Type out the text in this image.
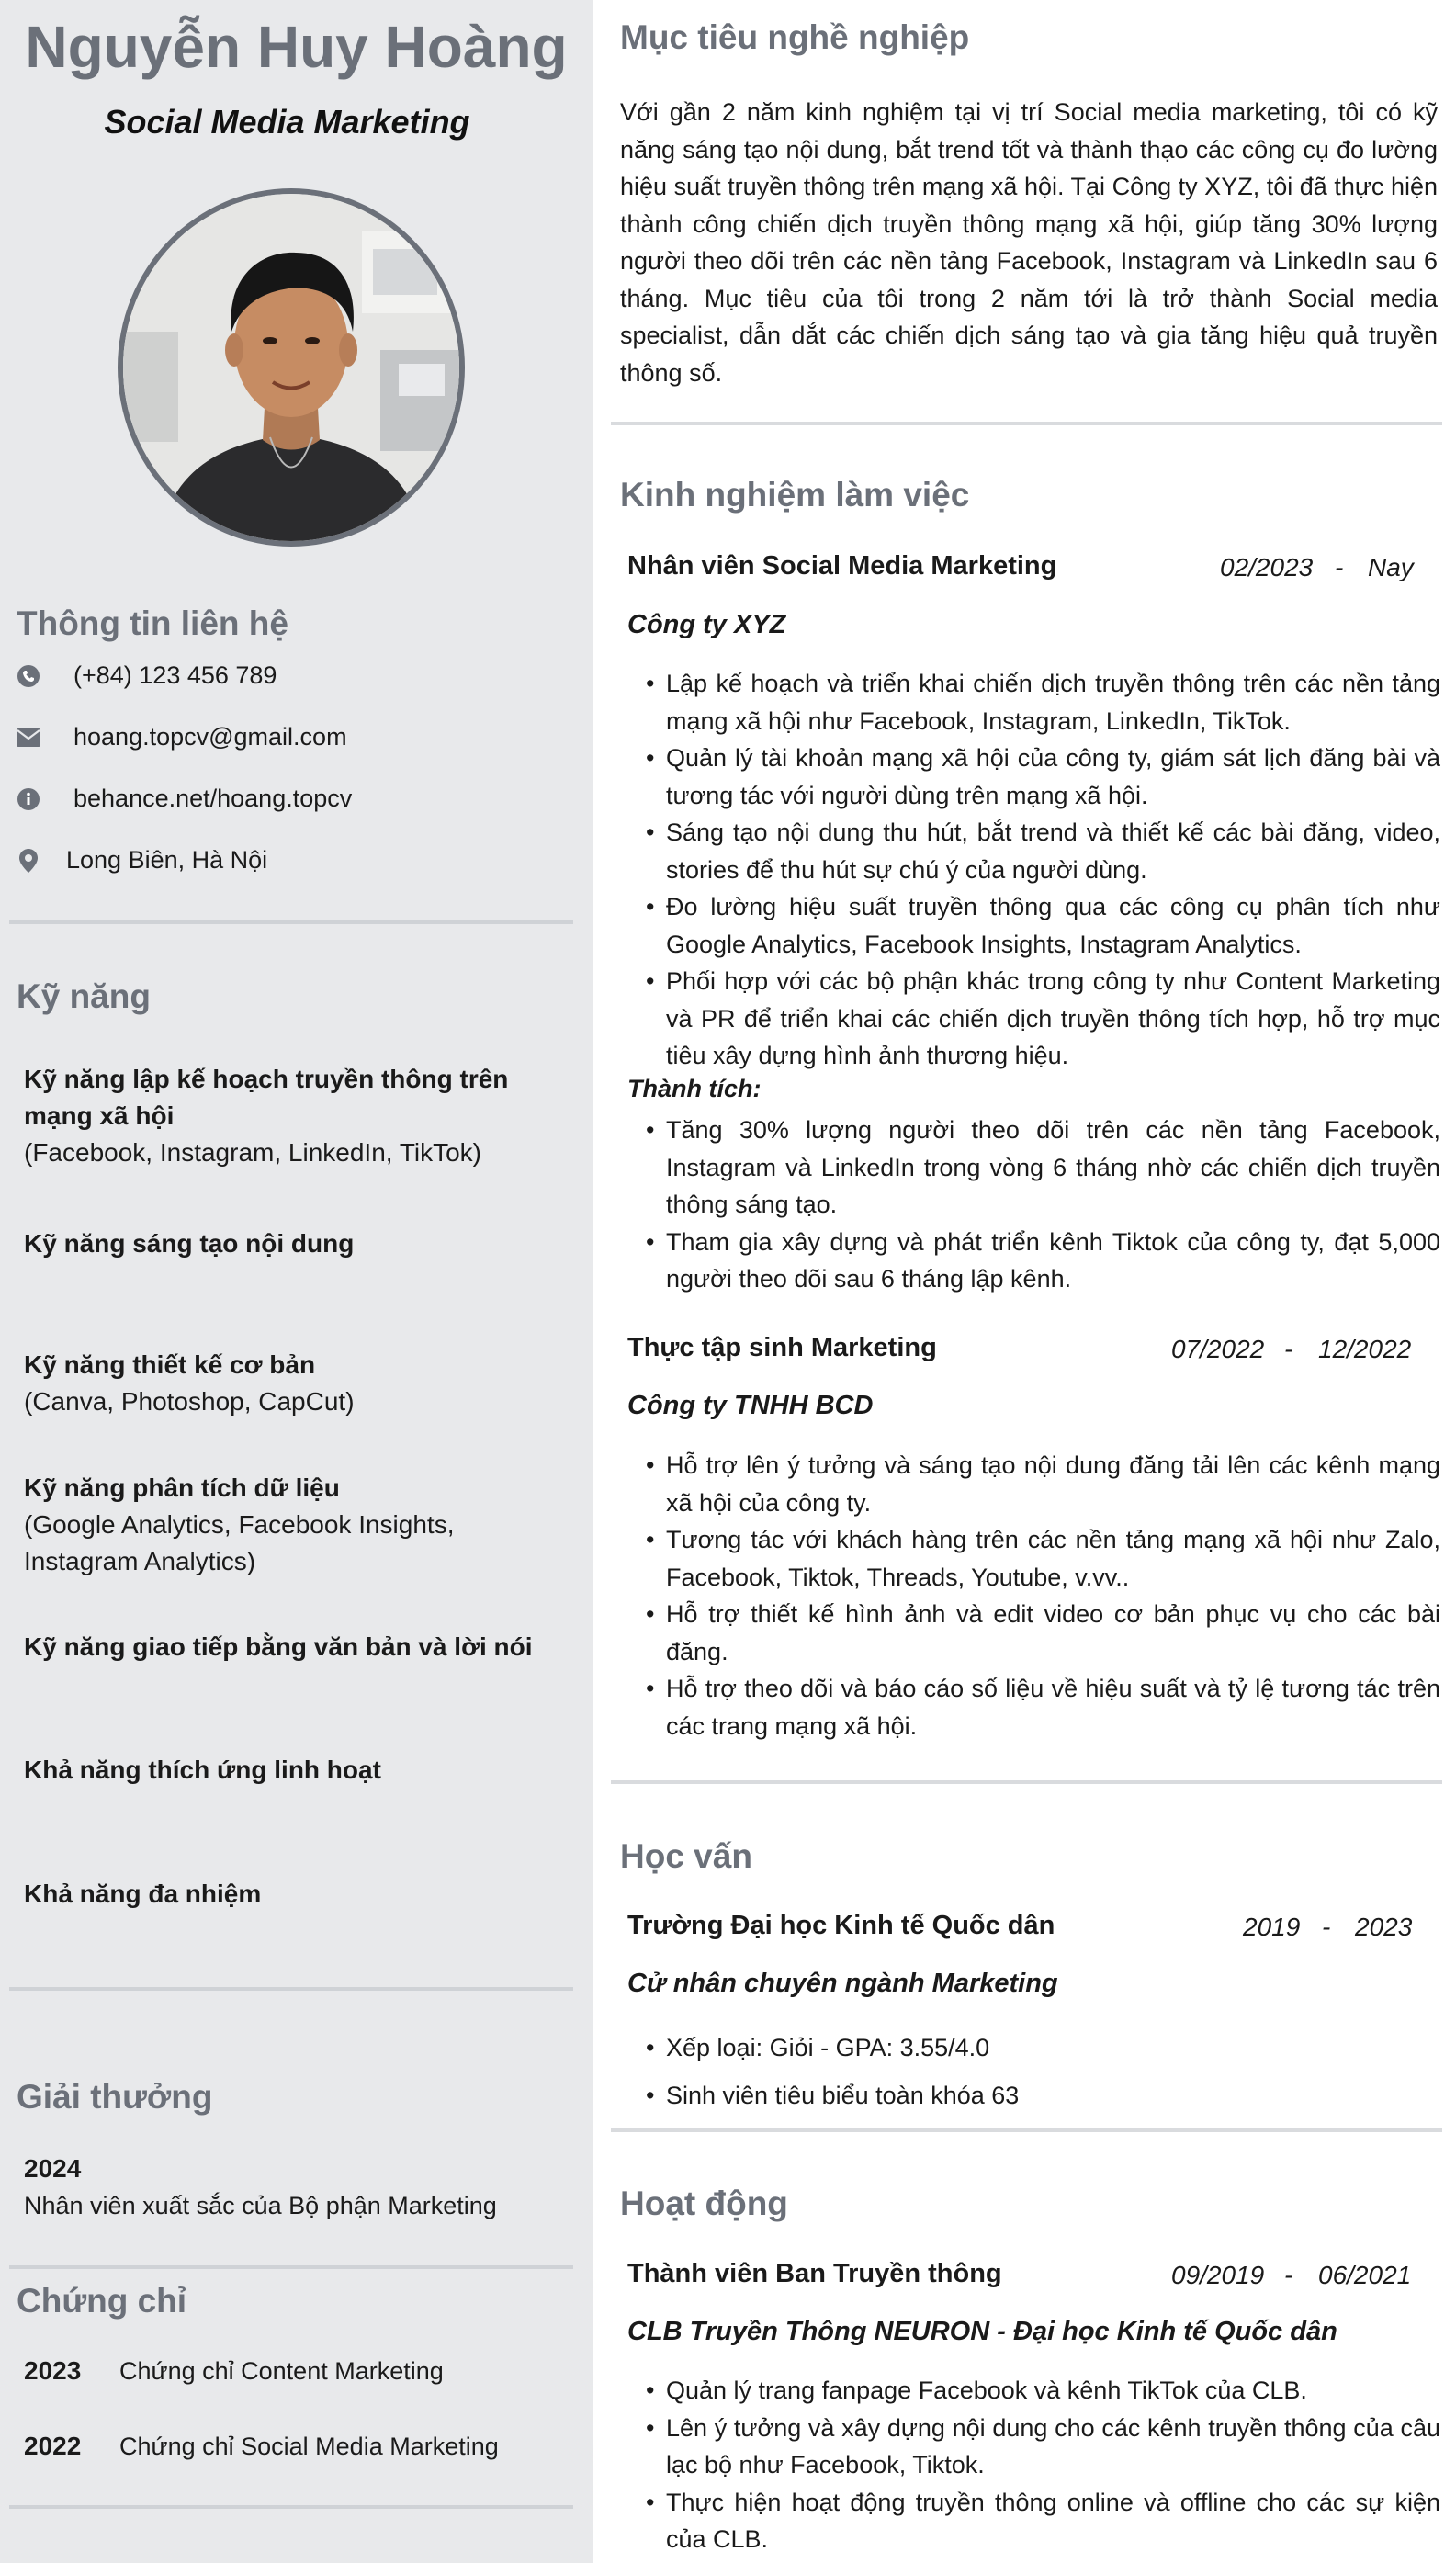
Nguyễn Huy Hoàng
Social Media Marketing
Thông tin liên hệ
(+84) 123 456 789
hoang.topcv@gmail.com
behance.net/hoang.topcv
Long Biên, Hà Nội
Kỹ năng
Kỹ năng lập kế hoạch truyền thông trên mạng xã hội
(Facebook, Instagram, LinkedIn, TikTok)
Kỹ năng sáng tạo nội dung
Kỹ năng thiết kế cơ bản
(Canva, Photoshop, CapCut)
Kỹ năng phân tích dữ liệu
(Google Analytics, Facebook Insights, Instagram Analytics)
Kỹ năng giao tiếp bằng văn bản và lời nói
Khả năng thích ứng linh hoạt
Khả năng đa nhiệm
Giải thưởng
2024
Nhân viên xuất sắc của Bộ phận Marketing
Chứng chỉ
2023	Chứng chỉ Content Marketing
2022	Chứng chỉ Social Media Marketing
Mục tiêu nghề nghiệp
Với gần 2 năm kinh nghiệm tại vị trí Social media marketing, tôi có kỹ năng sáng tạo nội dung, bắt trend tốt và thành thạo các công cụ đo lường hiệu suất truyền thông trên mạng xã hội. Tại Công ty XYZ, tôi đã thực hiện thành công chiến dịch truyền thông mạng xã hội, giúp tăng 30% lượng người theo dõi trên các nền tảng Facebook, Instagram và LinkedIn sau 6 tháng. Mục tiêu của tôi trong 2 năm tới là trở thành Social media specialist, dẫn dắt các chiến dịch sáng tạo và gia tăng hiệu quả truyền thông số.
Kinh nghiệm làm việc
Nhân viên Social Media Marketing	02/2023 - Nay
Công ty XYZ
• Lập kế hoạch và triển khai chiến dịch truyền thông trên các nền tảng mạng xã hội như Facebook, Instagram, LinkedIn, TikTok.
• Quản lý tài khoản mạng xã hội của công ty, giám sát lịch đăng bài và tương tác với người dùng trên mạng xã hội.
• Sáng tạo nội dung thu hút, bắt trend và thiết kế các bài đăng, video, stories để thu hút sự chú ý của người dùng.
• Đo lường hiệu suất truyền thông qua các công cụ phân tích như Google Analytics, Facebook Insights, Instagram Analytics.
• Phối hợp với các bộ phận khác trong công ty như Content Marketing và PR để triển khai các chiến dịch truyền thông tích hợp, hỗ trợ mục tiêu xây dựng hình ảnh thương hiệu.
Thành tích:
• Tăng 30% lượng người theo dõi trên các nền tảng Facebook, Instagram và LinkedIn trong vòng 6 tháng nhờ các chiến dịch truyền thông sáng tạo.
• Tham gia xây dựng và phát triển kênh Tiktok của công ty, đạt 5,000 người theo dõi sau 6 tháng lập kênh.
Thực tập sinh Marketing	07/2022 - 12/2022
Công ty TNHH BCD
• Hỗ trợ lên ý tưởng và sáng tạo nội dung đăng tải lên các kênh mạng xã hội của công ty.
• Tương tác với khách hàng trên các nền tảng mạng xã hội như Zalo, Facebook, Tiktok, Threads, Youtube, v.vv..
• Hỗ trợ thiết kế hình ảnh và edit video cơ bản phục vụ cho các bài đăng.
• Hỗ trợ theo dõi và báo cáo số liệu về hiệu suất và tỷ lệ tương tác trên các trang mạng xã hội.
Học vấn
Trường Đại học Kinh tế Quốc dân	2019 - 2023
Cử nhân chuyên ngành Marketing
• Xếp loại: Giỏi - GPA: 3.55/4.0
• Sinh viên tiêu biểu toàn khóa 63
Hoạt động
Thành viên Ban Truyền thông	09/2019 - 06/2021
CLB Truyền Thông NEURON - Đại học Kinh tế Quốc dân
• Quản lý trang fanpage Facebook và kênh TikTok của CLB.
• Lên ý tưởng và xây dựng nội dung cho các kênh truyền thông của câu lạc bộ như Facebook, Tiktok.
• Thực hiện hoạt động truyền thông online và offline cho các sự kiện của CLB.
